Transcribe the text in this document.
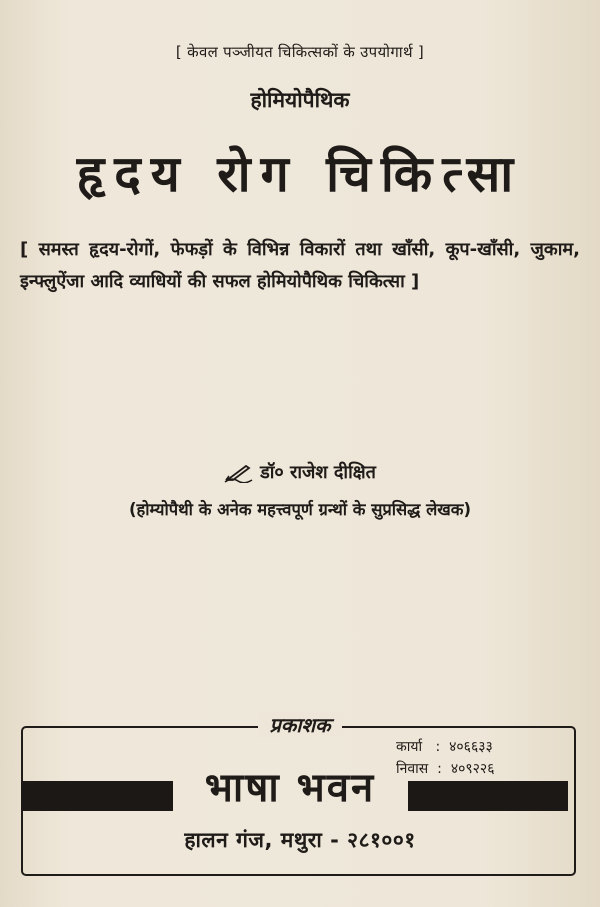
[ केवल पञ्जीयत चिकित्सकों के उपयोगार्थ ]
होमियोपैथिक
हृदय रोग चिकित्सा
[ समस्त हृदय-रोगों, फेफड़ों के विभिन्न विकारों तथा खाँसी, कूप-खाँसी, जुकाम, इन्फ्लुऐंजा आदि व्याधियों की सफल होमियोपैथिक चिकित्सा ]
डॉ० राजेश दीक्षित
(होम्योपैथी के अनेक महत्त्वपूर्ण ग्रन्थों के सुप्रसिद्ध लेखक)
प्रकाशक
कार्या   :  ४०६६३३
निवास  :  ४०९२२६
भाषा भवन
हालन गंज, मथुरा - २८१००१
